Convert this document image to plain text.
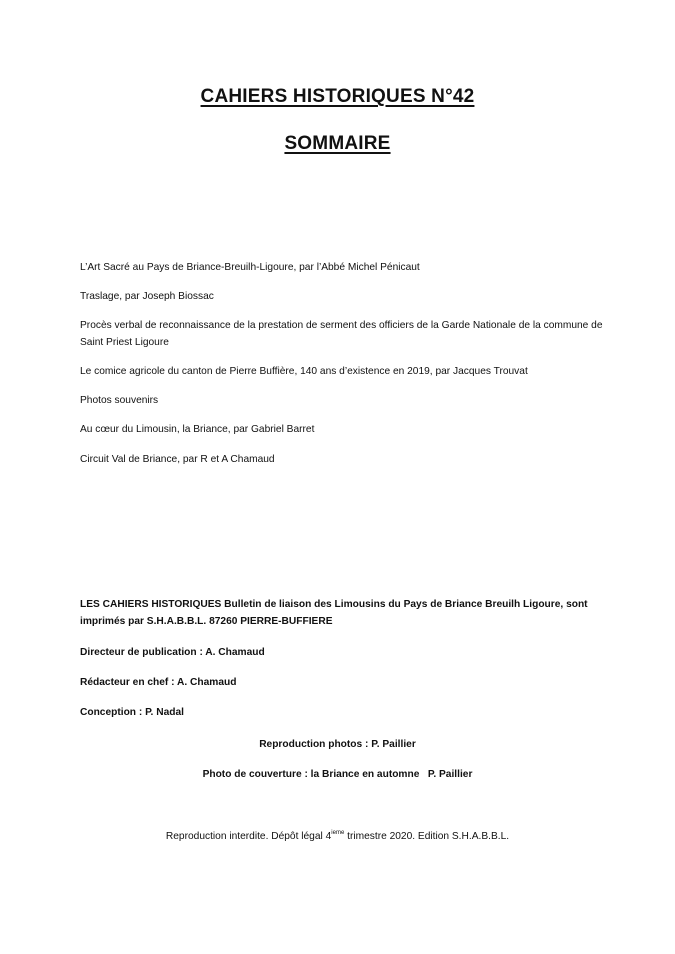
CAHIERS HISTORIQUES N°42
SOMMAIRE
L’Art Sacré au Pays de Briance-Breuilh-Ligoure, par l’Abbé Michel Pénicaut
Traslage, par Joseph Biossac
Procès verbal de reconnaissance de la prestation de serment des officiers de la Garde Nationale de la commune de Saint Priest Ligoure
Le comice agricole du canton de Pierre Buffière, 140 ans d’existence en 2019, par Jacques Trouvat
Photos souvenirs
Au cœur du Limousin, la Briance, par Gabriel Barret
Circuit Val de Briance, par R et A Chamaud
LES CAHIERS HISTORIQUES Bulletin de liaison des Limousins du Pays de Briance Breuilh Ligoure, sont imprimés par S.H.A.B.B.L. 87260 PIERRE-BUFFIERE
Directeur de publication : A. Chamaud
Rédacteur en chef : A. Chamaud
Conception : P. Nadal
Reproduction photos : P. Paillier
Photo de couverture : la Briance en automne   P. Paillier
Reproduction interdite. Dépôt légal 4ieme trimestre 2020. Edition S.H.A.B.B.L.
